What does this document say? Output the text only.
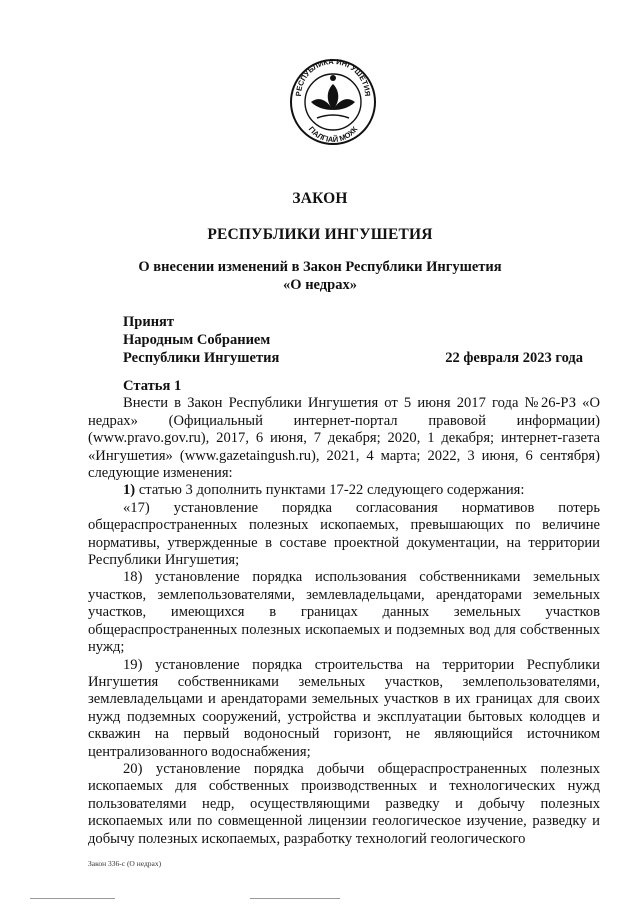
РЕСПУБЛИКА ИНГУШЕТИЯ
ГIАЛГIАЙ МОХК
ЗАКОН
РЕСПУБЛИКИ ИНГУШЕТИЯ
О внесении изменений в Закон Республики Ингушетия
«О недрах»
Принят
Народным Собранием
Республики Ингушетия	22 февраля 2023 года

Статья 1

Внести в Закон Республики Ингушетия от 5 июня 2017 года №26-РЗ «О недрах» (Официальный интернет-портал правовой информации) (www.pravo.gov.ru), 2017, 6 июня, 7 декабря; 2020, 1 декабря; интернет-газета «Ингушетия» (www.gazetaingush.ru), 2021, 4 марта; 2022, 3 июня, 6 сентября) следующие изменения:

1) статью 3 дополнить пунктами 17-22 следующего содержания:

«17) установление порядка согласования нормативов потерь общераспространенных полезных ископаемых, превышающих по величине нормативы, утвержденные в составе проектной документации, на территории Республики Ингушетия;

18) установление порядка использования собственниками земельных участков, землепользователями, землевладельцами, арендаторами земельных участков, имеющихся в границах данных земельных участков общераспространенных полезных ископаемых и подземных вод для собственных нужд;

19) установление порядка строительства на территории Республики Ингушетия собственниками земельных участков, землепользователями, землевладельцами и арендаторами земельных участков в их границах для своих нужд подземных сооружений, устройства и эксплуатации бытовых колодцев и скважин на первый водоносный горизонт, не являющийся источником централизованного водоснабжения;

20) установление порядка добычи общераспространенных полезных ископаемых для собственных производственных и технологических нужд пользователями недр, осуществляющими разведку и добычу полезных ископаемых или по совмещенной лицензии геологическое изучение, разведку и добычу полезных ископаемых, разработку технологий геологического

Закон 336-с (О недрах)
